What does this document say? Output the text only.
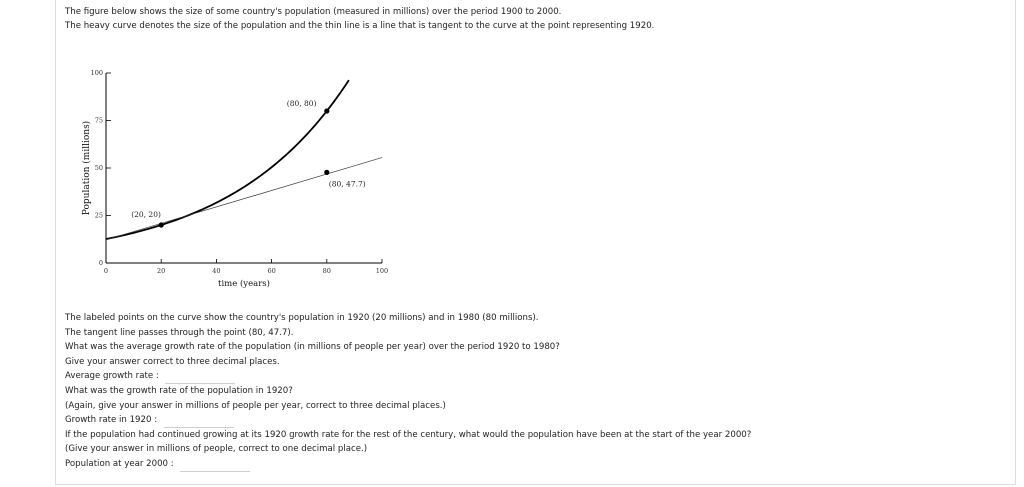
The figure below shows the size of some country's population (measured in millions) over the period 1900 to 2000.
The heavy curve denotes the size of the population and the thin line is a line that is tangent to the curve at the point representing 1920.
0	20	40	60	80	100
0
25
50
75
100
time (years)
Population (millions)	(20, 20)
(80, 80)
(80, 47.7)
The labeled points on the curve show the country's population in 1920 (20 millions) and in 1980 (80 millions).
The tangent line passes through the point (80, 47.7).
What was the average growth rate of the population (in millions of people per year) over the period 1920 to 1980?
Give your answer correct to three decimal places.
Average growth rate :
What was the growth rate of the population in 1920?
(Again, give your answer in millions of people per year, correct to three decimal places.)
Growth rate in 1920 :
If the population had continued growing at its 1920 growth rate for the rest of the century, what would the population have been at the start of the year 2000?
(Give your answer in millions of people, correct to one decimal place.)
Population at year 2000 :
